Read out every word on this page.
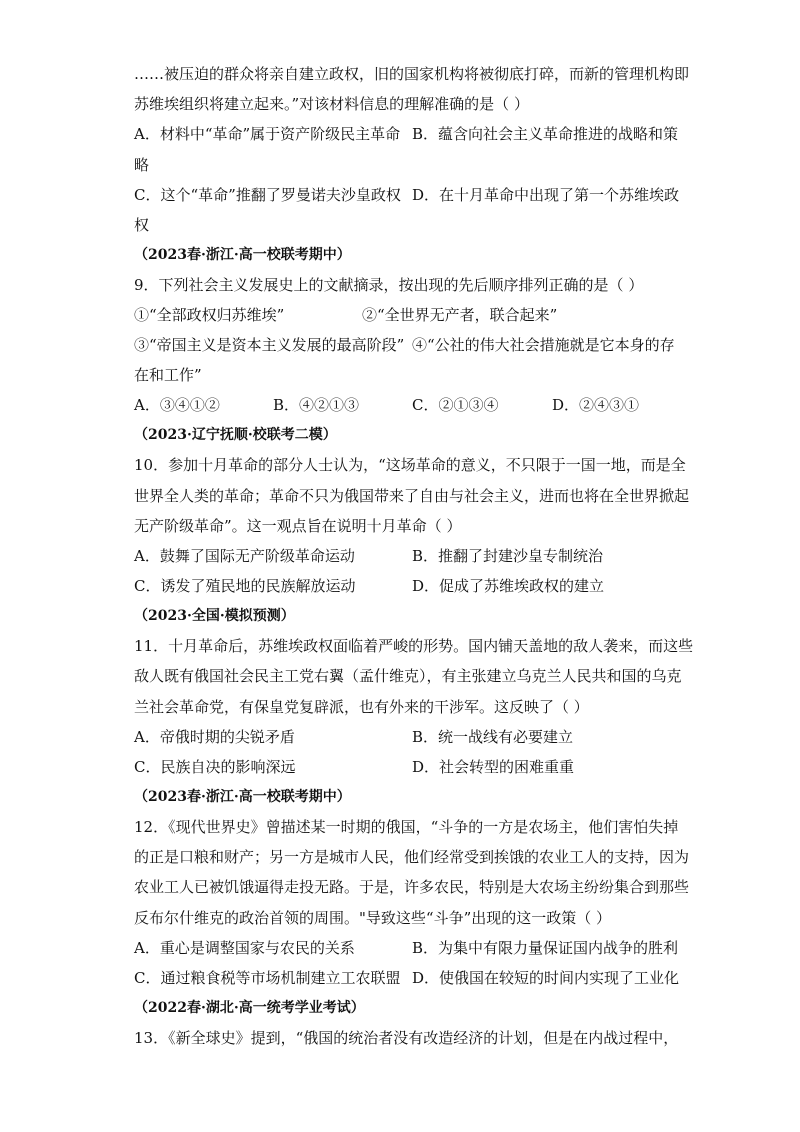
……被压迫的群众将亲自建立政权，旧的国家机构将被彻底打碎，而新的管理机构即
苏维埃组织将建立起来。”对该材料信息的理解准确的是（ ）
A．材料中“革命”属于资产阶级民主革命 B．蕴含向社会主义革命推进的战略和策
略
C．这个“革命”推翻了罗曼诺夫沙皇政权 D．在十月革命中出现了第一个苏维埃政
权
（2023春·浙江·高一校联考期中）
9．下列社会主义发展史上的文献摘录，按出现的先后顺序排列正确的是（ ）
①“全部政权归苏维埃”	②“全世界无产者，联合起来”
③“帝国主义是资本主义发展的最高阶段” ④“公社的伟大社会措施就是它本身的存
在和工作”
A．③④①②	B．④②①③	C．②①③④	D．②④③①
（2023·辽宁抚顺·校联考二模）
10．参加十月革命的部分人士认为，“这场革命的意义，不只限于一国一地，而是全
世界全人类的革命；革命不只为俄国带来了自由与社会主义，进而也将在全世界掀起
无产阶级革命”。这一观点旨在说明十月革命（ ）
A．鼓舞了国际无产阶级革命运动	B．推翻了封建沙皇专制统治
C．诱发了殖民地的民族解放运动	D．促成了苏维埃政权的建立
（2023·全国·模拟预测）
11．十月革命后，苏维埃政权面临着严峻的形势。国内铺天盖地的敌人袭来，而这些
敌人既有俄国社会民主工党右翼（孟什维克），有主张建立乌克兰人民共和国的乌克
兰社会革命党，有保皇党复辟派，也有外来的干涉军。这反映了（ ）
A．帝俄时期的尖锐矛盾	B．统一战线有必要建立
C．民族自决的影响深远	D．社会转型的困难重重
（2023春·浙江·高一校联考期中）
12．《现代世界史》曾描述某一时期的俄国，“斗争的一方是农场主，他们害怕失掉
的正是口粮和财产；另一方是城市人民，他们经常受到挨饿的农业工人的支持，因为
农业工人已被饥饿逼得走投无路。于是，许多农民，特别是大农场主纷纷集合到那些
反布尔什维克的政治首领的周围。"导致这些“斗争”出现的这一政策（ ）
A．重心是调整国家与农民的关系	B．为集中有限力量保证国内战争的胜利
C．通过粮食税等市场机制建立工农联盟 D．使俄国在较短的时间内实现了工业化
（2022春·湖北·高一统考学业考试）
13．《新全球史》提到，“俄国的统治者没有改造经济的计划，但是在内战过程中，
